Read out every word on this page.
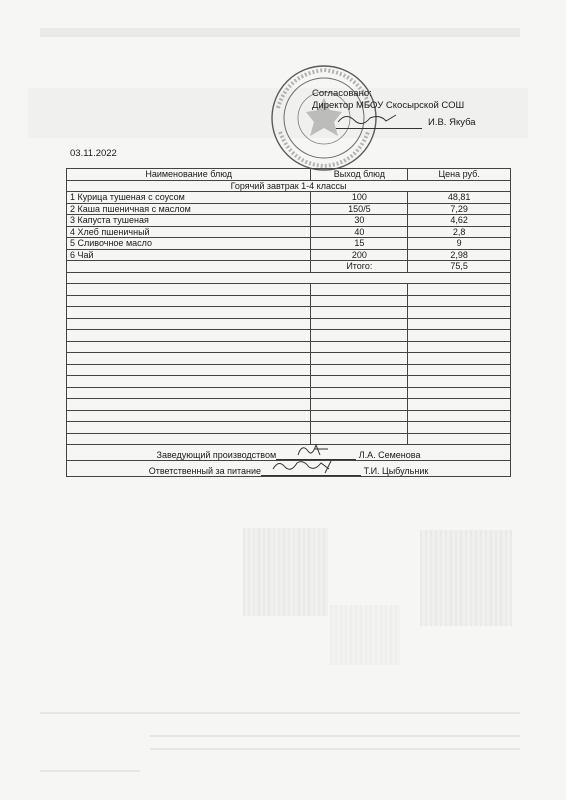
Согласовано:
Директор МБОУ Скосырской СОШ
И.В. Якуба
03.11.2022
Наименование блюд	Выход блюд	Цена руб.
Горячий завтрак 1-4 классы		
1 Курица тушеная с соусом	100	48,81
2 Каша пшеничная с маслом	150/5	7,29
3 Капуста тушеная	30	4,62
4 Хлеб пшеничный	40	2,8
5 Сливочное масло	15	9
6 Чай	200	2,98
	Итого:	75,5

Заведующий производством Л.А. Семенова		
Ответственный за питание Т.И. Цыбульник		
